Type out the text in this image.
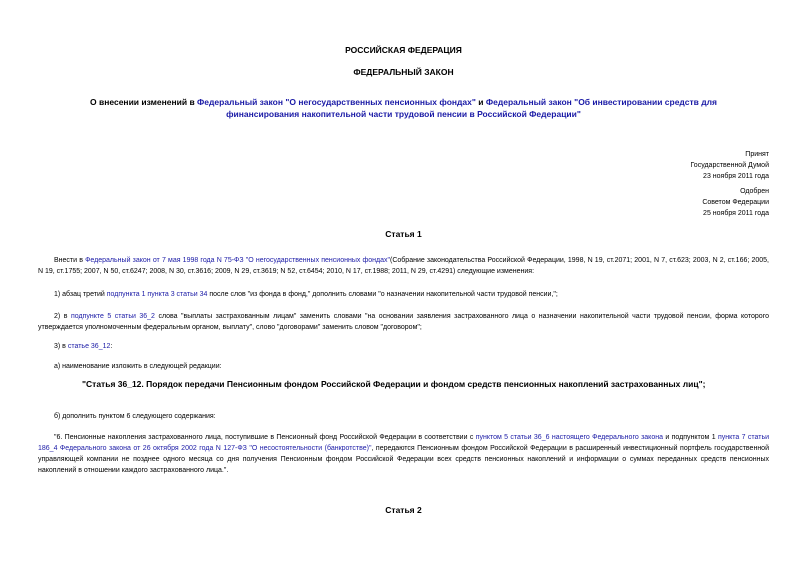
РОССИЙСКАЯ ФЕДЕРАЦИЯ
ФЕДЕРАЛЬНЫЙ ЗАКОН
О внесении изменений в Федеральный закон "О негосударственных пенсионных фондах" и Федеральный закон "Об инвестировании средств для финансирования накопительной части трудовой пенсии в Российской Федерации"
Принят
Государственной Думой
23 ноября 2011 года
Одобрен
Советом Федерации
25 ноября 2011 года
Статья 1
Внести в Федеральный закон от 7 мая 1998 года N 75-ФЗ "О негосударственных пенсионных фондах"(Собрание законодательства Российской Федерации, 1998, N 19, ст.2071; 2001, N 7, ст.623; 2003, N 2, ст.166; 2005, N 19, ст.1755; 2007, N 50, ст.6247; 2008, N 30, ст.3616; 2009, N 29, ст.3619; N 52, ст.6454; 2010, N 17, ст.1988; 2011, N 29, ст.4291) следующие изменения:
1) абзац третий подпункта 1 пункта 3 статьи 34 после слов "из фонда в фонд," дополнить словами "о назначении накопительной части трудовой пенсии,";
2) в подпункте 5 статьи 36_2 слова "выплаты застрахованным лицам" заменить словами "на основании заявления застрахованного лица о назначении накопительной части трудовой пенсии, форма которого утверждается уполномоченным федеральным органом, выплату", слово "договорами" заменить словом "договором";
3) в статье 36_12:
а) наименование изложить в следующей редакции:
"Статья 36_12. Порядок передачи Пенсионным фондом Российской Федерации и фондом средств пенсионных накоплений застрахованных лиц";
б) дополнить пунктом 6 следующего содержания:
"6. Пенсионные накопления застрахованного лица, поступившие в Пенсионный фонд Российской Федерации в соответствии с пунктом 5 статьи 36_6 настоящего Федерального закона и подпунктом 1 пункта 7 статьи 186_4 Федерального закона от 26 октября 2002 года N 127-ФЗ "О несостоятельности (банкротстве)", передаются Пенсионным фондом Российской Федерации в расширенный инвестиционный портфель государственной управляющей компании не позднее одного месяца со дня получения Пенсионным фондом Российской Федерации всех средств пенсионных накоплений и информации о суммах переданных средств пенсионных накоплений в отношении каждого застрахованного лица.".
Статья 2
